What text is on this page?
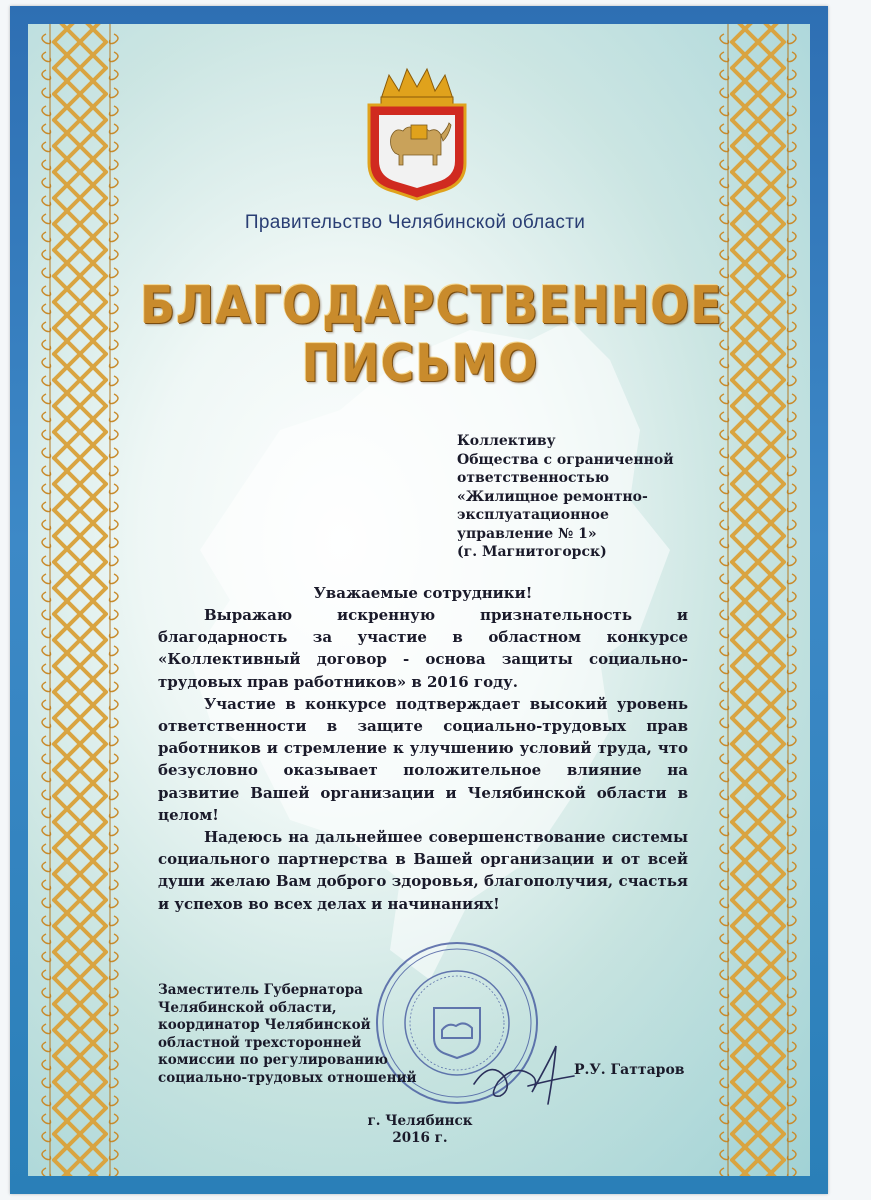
Правительство Челябинской области
БЛАГОДАРСТВЕННОЕ
ПИСЬМО
Коллективу
Общества с ограниченной
ответственностью
«Жилищное ремонтно-
эксплуатационное
управление № 1»
(г. Магнитогорск)
Уважаемые сотрудники!

Выражаю искренную признательность и благодарность за участие в областном конкурсе «Коллективный договор - основа защиты социально-трудовых прав работников» в 2016 году.

Участие в конкурсе подтверждает высокий уровень ответственности в защите социально-трудовых прав работников и стремление к улучшению условий труда, что безусловно оказывает положительное влияние на развитие Вашей организации и Челябинской области в целом!

Надеюсь на дальнейшее совершенствование системы социального партнерства в Вашей организации и от всей души желаю Вам доброго здоровья, благополучия, счастья и успехов во всех делах и начинаниях!

Заместитель Губернатора
Челябинской области,
координатор Челябинской
областной трехсторонней
комиссии по регулированию
социально-трудовых отношений	Р.У. Гаттаров
г. Челябинск
2016 г.
